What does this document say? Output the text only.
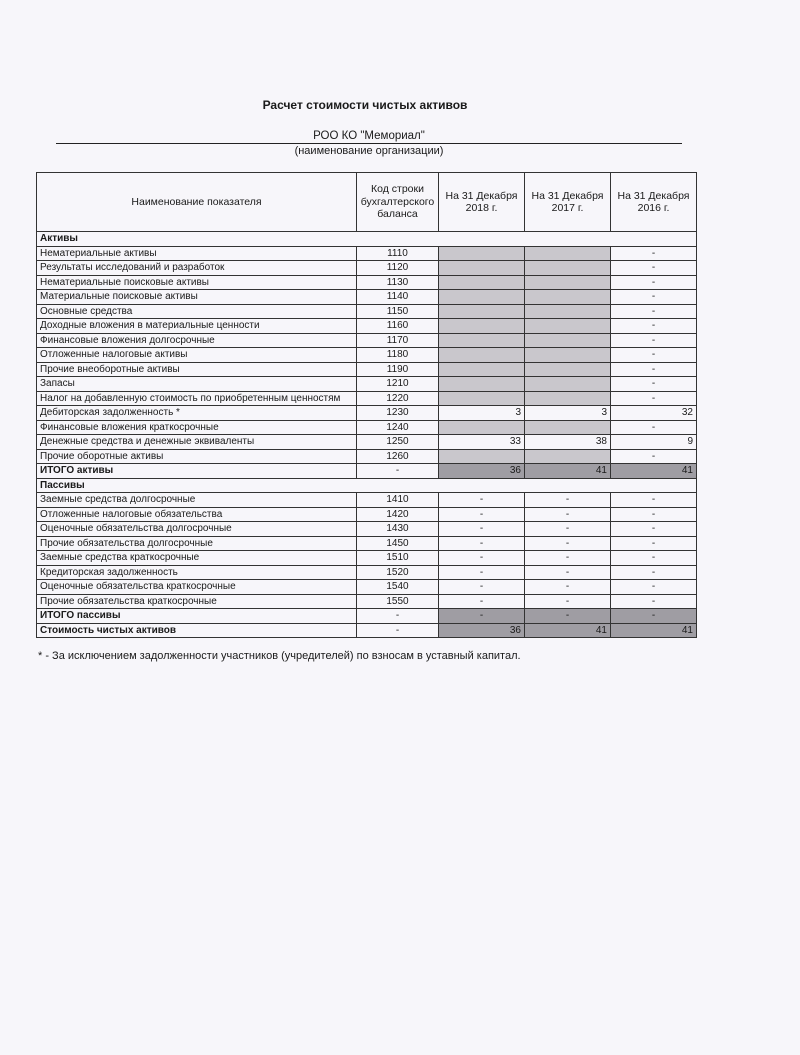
Расчет стоимости чистых активов
РОО КО "Мемориал"
(наименование организации)
Наименование показателя	Код строки бухгалтерского баланса	На 31 Декабря 2018 г.	На 31 Декабря 2017 г.	На 31 Декабря 2016 г.
Активы				
Нематериальные активы	1110			-
Результаты исследований и разработок	1120			-
Нематериальные поисковые активы	1130			-
Материальные поисковые активы	1140			-
Основные средства	1150			-
Доходные вложения в материальные ценности	1160			-
Финансовые вложения долгосрочные	1170			-
Отложенные налоговые активы	1180			-
Прочие внеоборотные активы	1190			-
Запасы	1210			-
Налог на добавленную стоимость по приобретенным ценностям	1220			-
Дебиторская задолженность *	1230	3	3	32
Финансовые вложения краткосрочные	1240			-
Денежные средства и денежные эквиваленты	1250	33	38	9
Прочие оборотные активы	1260			-
ИТОГО активы	-	36	41	41
Пассивы				
Заемные средства долгосрочные	1410	-	-	-
Отложенные налоговые обязательства	1420	-	-	-
Оценочные обязательства долгосрочные	1430	-	-	-
Прочие обязательства долгосрочные	1450	-	-	-
Заемные средства краткосрочные	1510	-	-	-
Кредиторская задолженность	1520	-	-	-
Оценочные обязательства краткосрочные	1540	-	-	-
Прочие обязательства краткосрочные	1550	-	-	-
ИТОГО пассивы	-	-	-	-
Стоимость чистых активов	-	36	41	41
* - За исключением задолженности участников (учредителей) по взносам в уставный капитал.
